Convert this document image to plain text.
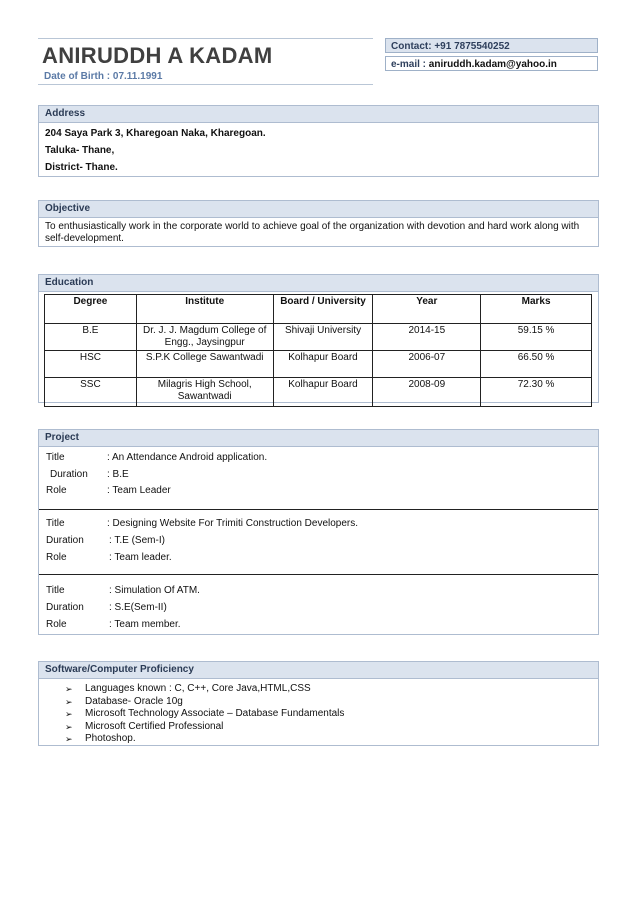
ANIRUDDH A KADAM
Date of Birth : 07.11.1991
Contact: +91 7875540252
e-mail : aniruddh.kadam@yahoo.in
Address
204 Saya Park 3, Kharegoan Naka, Kharegoan.
Taluka- Thane,
District- Thane.
Objective
To enthusiastically work in the corporate world to achieve goal of the organization with devotion and hard work along with self-development.
Education
Degree	Institute	Board / University	Year	Marks
B.E	Dr. J. J. Magdum College of Engg., Jaysingpur	Shivaji University	2014-15	59.15 %
HSC	S.P.K College Sawantwadi	Kolhapur Board	2006-07	66.50 %
SSC	Milagris High School, Sawantwadi	Kolhapur Board	2008-09	72.30 %
Project
Title	: An Attendance Android application.
Duration : B.E
Role	: Team Leader
Title	: Designing Website For Trimiti Construction Developers.
Duration	: T.E (Sem-I)
Role	: Team leader.
Title	: Simulation Of ATM.
Duration	: S.E(Sem-II)
Role	: Team member.
Software/Computer Proficiency
➢ Languages known : C, C++, Core Java,HTML,CSS
➢ Database- Oracle 10g
➢ Microsoft Technology Associate – Database Fundamentals
➢ Microsoft Certified Professional
➢ Photoshop.
